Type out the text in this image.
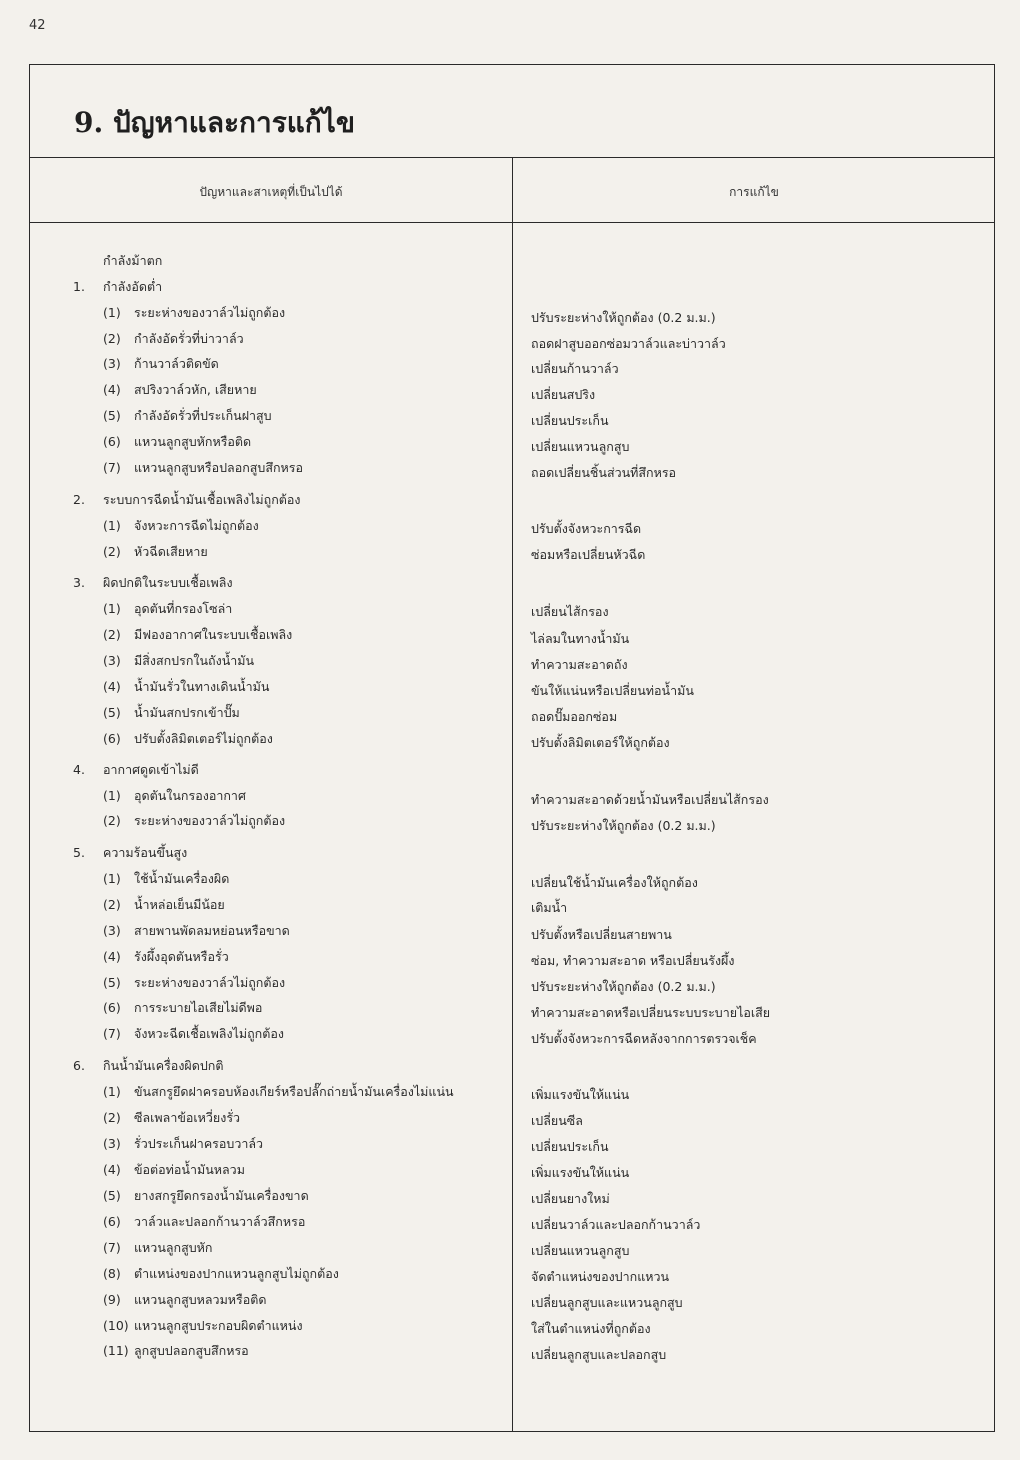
42
9. ปัญหาและการแก้ไข
ปัญหาและสาเหตุที่เป็นไปได้	การแก้ไข
กำลังม้าตก
1. กำลังอัดต่ำ
(1) ระยะห่างของวาล์วไม่ถูกต้อง
(2) กำลังอัดรั่วที่บ่าวาล์ว
(3) ก้านวาล์วติดขัด
(4) สปริงวาล์วหัก, เสียหาย
(5) กำลังอัดรั่วที่ประเก็นฝาสูบ
(6) แหวนลูกสูบหักหรือติด
(7) แหวนลูกสูบหรือปลอกสูบสึกหรอ
2. ระบบการฉีดน้ำมันเชื้อเพลิงไม่ถูกต้อง
(1) จังหวะการฉีดไม่ถูกต้อง
(2) หัวฉีดเสียหาย
3. ผิดปกติในระบบเชื้อเพลิง
(1) อุดตันที่กรองโซล่า
(2) มีฟองอากาศในระบบเชื้อเพลิง
(3) มีสิ่งสกปรกในถังน้ำมัน
(4) น้ำมันรั่วในทางเดินน้ำมัน
(5) น้ำมันสกปรกเข้าปั๊ม
(6) ปรับตั้งลิมิตเตอร์ไม่ถูกต้อง
4. อากาศดูดเข้าไม่ดี
(1) อุดตันในกรองอากาศ
(2) ระยะห่างของวาล์วไม่ถูกต้อง
5. ความร้อนขึ้นสูง
(1) ใช้น้ำมันเครื่องผิด
(2) น้ำหล่อเย็นมีน้อย
(3) สายพานพัดลมหย่อนหรือขาด
(4) รังผึ้งอุดตันหรือรั่ว
(5) ระยะห่างของวาล์วไม่ถูกต้อง
(6) การระบายไอเสียไม่ดีพอ
(7) จังหวะฉีดเชื้อเพลิงไม่ถูกต้อง
6. กินน้ำมันเครื่องผิดปกติ
(1) ขันสกรูยึดฝาครอบห้องเกียร์หรือปลั๊กถ่ายน้ำมันเครื่องไม่แน่น
(2) ซีลเพลาข้อเหวี่ยงรั่ว
(3) รั่วประเก็นฝาครอบวาล์ว
(4) ข้อต่อท่อน้ำมันหลวม
(5) ยางสกรูยึดกรองน้ำมันเครื่องขาด
(6) วาล์วและปลอกก้านวาล์วสึกหรอ
(7) แหวนลูกสูบหัก
(8) ตำแหน่งของปากแหวนลูกสูบไม่ถูกต้อง
(9) แหวนลูกสูบหลวมหรือติด
(10) แหวนลูกสูบประกอบผิดตำแหน่ง
(11) ลูกสูบปลอกสูบสึกหรอ
ปรับระยะห่างให้ถูกต้อง (0.2 ม.ม.)
ถอดฝาสูบออกซ่อมวาล์วและบ่าวาล์ว
เปลี่ยนก้านวาล์ว
เปลี่ยนสปริง
เปลี่ยนประเก็น
เปลี่ยนแหวนลูกสูบ
ถอดเปลี่ยนชิ้นส่วนที่สึกหรอ
ปรับตั้งจังหวะการฉีด
ซ่อมหรือเปลี่ยนหัวฉีด
เปลี่ยนไส้กรอง
ไล่ลมในทางน้ำมัน
ทำความสะอาดถัง
ขันให้แน่นหรือเปลี่ยนท่อน้ำมัน
ถอดปั๊มออกซ่อม
ปรับตั้งลิมิตเตอร์ให้ถูกต้อง
ทำความสะอาดด้วยน้ำมันหรือเปลี่ยนไส้กรอง
ปรับระยะห่างให้ถูกต้อง (0.2 ม.ม.)
เปลี่ยนใช้น้ำมันเครื่องให้ถูกต้อง
เติมน้ำ
ปรับตั้งหรือเปลี่ยนสายพาน
ซ่อม, ทำความสะอาด หรือเปลี่ยนรังผึ้ง
ปรับระยะห่างให้ถูกต้อง (0.2 ม.ม.)
ทำความสะอาดหรือเปลี่ยนระบบระบายไอเสีย
ปรับตั้งจังหวะการฉีดหลังจากการตรวจเช็ค
เพิ่มแรงขันให้แน่น
เปลี่ยนซีล
เปลี่ยนประเก็น
เพิ่มแรงขันให้แน่น
เปลี่ยนยางใหม่
เปลี่ยนวาล์วและปลอกก้านวาล์ว
เปลี่ยนแหวนลูกสูบ
จัดตำแหน่งของปากแหวน
เปลี่ยนลูกสูบและแหวนลูกสูบ
ใส่ในตำแหน่งที่ถูกต้อง
เปลี่ยนลูกสูบและปลอกสูบ
